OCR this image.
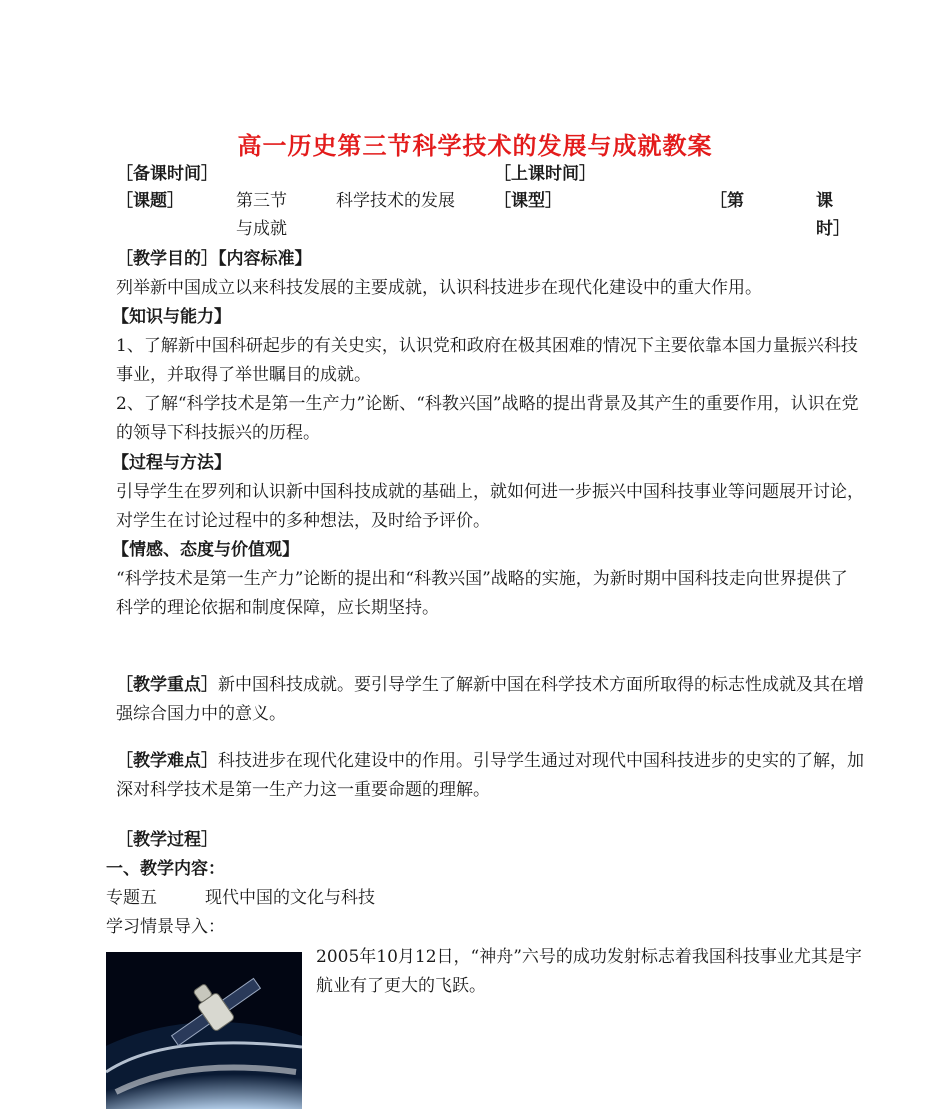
高一历史第三节科学技术的发展与成就教案
［备课时间］	［上课时间］
［课题］	第三节	科学技术的发展 ［课型］	［第	课
与成就	时］
［教学目的］【内容标准】
列举新中国成立以来科技发展的主要成就，认识科技进步在现代化建设中的重大作用。
【知识与能力】
1、了解新中国科研起步的有关史实，认识党和政府在极其困难的情况下主要依靠本国力量振兴科技事业，并取得了举世瞩目的成就。
2、了解“科学技术是第一生产力”论断、“科教兴国”战略的提出背景及其产生的重要作用，认识在党的领导下科技振兴的历程。
【过程与方法】
引导学生在罗列和认识新中国科技成就的基础上，就如何进一步振兴中国科技事业等问题展开讨论，对学生在讨论过程中的多种想法，及时给予评价。
【情感、态度与价值观】
“科学技术是第一生产力”论断的提出和“科教兴国”战略的实施，为新时期中国科技走向世界提供了科学的理论依据和制度保障，应长期坚持。
［教学重点］新中国科技成就。要引导学生了解新中国在科学技术方面所取得的标志性成就及其在增强综合国力中的意义。
［教学难点］科技进步在现代化建设中的作用。引导学生通过对现代中国科技进步的史实的了解，加深对科学技术是第一生产力这一重要命题的理解。
［教学过程］
一、教学内容：
专题五	现代中国的文化与科技
学习情景导入：
2005年10月12日，“神舟”六号的成功发射标志着我国科技事业尤其是宇航业有了更大的飞跃。
